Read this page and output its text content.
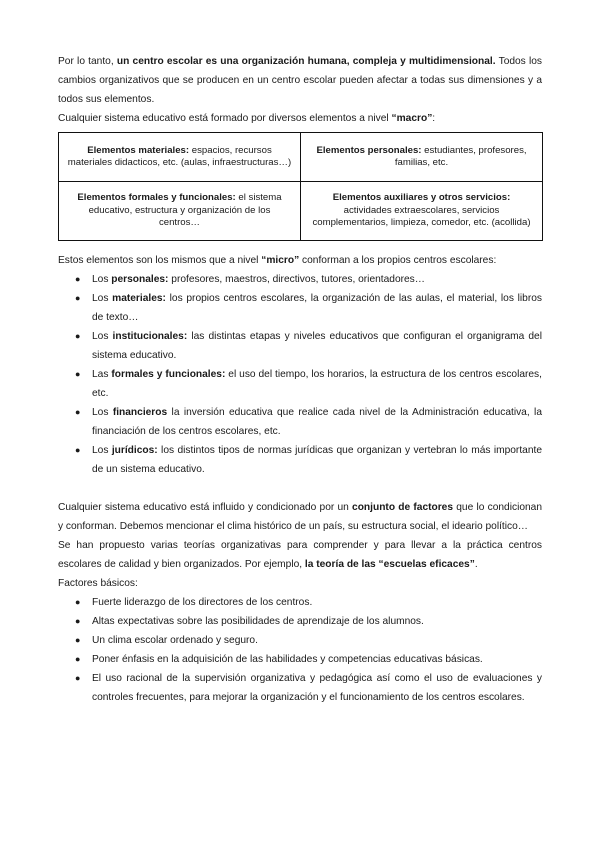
Por lo tanto, un centro escolar es una organización humana, compleja y multidimensional. Todos los cambios organizativos que se producen en un centro escolar pueden afectar a todas sus dimensiones y a todos sus elementos.

Cualquier sistema educativo está formado por diversos elementos a nivel “macro”:

Elementos materiales: espacios, recursos materiales didacticos, etc. (aulas, infraestructuras…)	Elementos personales: estudiantes, profesores, familias, etc.
Elementos formales y funcionales: el sistema educativo, estructura y organización de los centros…	Elementos auxiliares y otros servicios:
actividades extraescolares, servicios complementarios, limpieza, comedor, etc. (acollida)

Estos elementos son los mismos que a nivel “micro” conforman a los propios centros escolares:

● Los personales: profesores, maestros, directivos, tutores, orientadores…
● Los materiales: los propios centros escolares, la organización de las aulas, el material, los libros de texto…
● Los institucionales: las distintas etapas y niveles educativos que configuran el organigrama del sistema educativo.
● Las formales y funcionales: el uso del tiempo, los horarios, la estructura de los centros escolares, etc.
● Los financieros la inversión educativa que realice cada nivel de la Administración educativa, la financiación de los centros escolares, etc.
● Los jurídicos: los distintos tipos de normas jurídicas que organizan y vertebran lo más importante de un sistema educativo.

Cualquier sistema educativo está influido y condicionado por un conjunto de factores que lo condicionan y conforman. Debemos mencionar el clima histórico de un país, su estructura social, el ideario político…

Se han propuesto varias teorías organizativas para comprender y para llevar a la práctica centros escolares de calidad y bien organizados. Por ejemplo, la teoría de las “escuelas eficaces”.

Factores básicos:

● Fuerte liderazgo de los directores de los centros.
● Altas expectativas sobre las posibilidades de aprendizaje de los alumnos.
● Un clima escolar ordenado y seguro.
● Poner énfasis en la adquisición de las habilidades y competencias educativas básicas.
● El uso racional de la supervisión organizativa y pedagógica así como el uso de evaluaciones y controles frecuentes, para mejorar la organización y el funcionamiento de los centros escolares.
